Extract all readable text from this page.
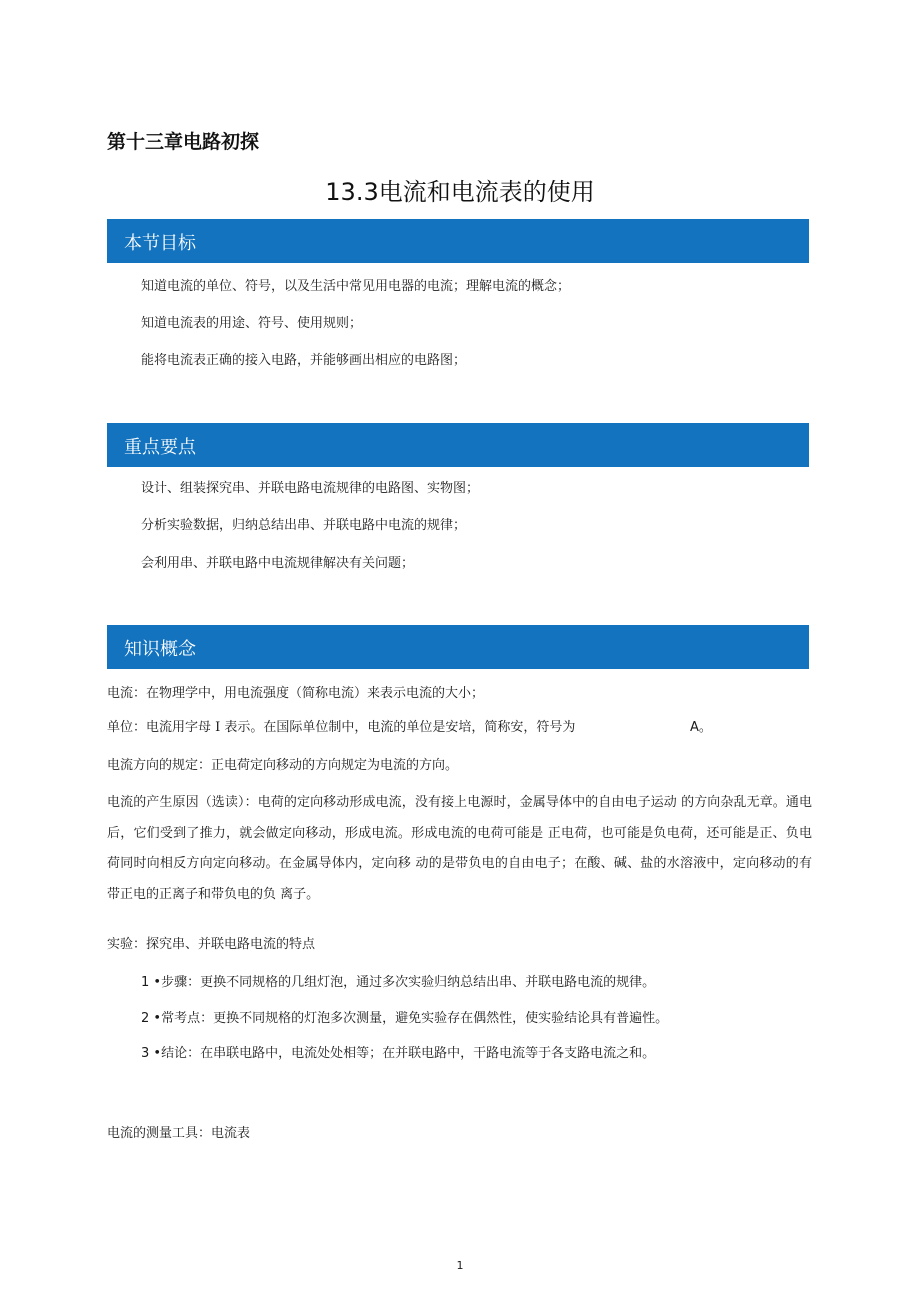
第十三章电路初探
13.3电流和电流表的使用
本节目标
知道电流的单位、符号，以及生活中常见用电器的电流；理解电流的概念；
知道电流表的用途、符号、使用规则；
能将电流表正确的接入电路，并能够画出相应的电路图；
重点要点
设计、组装探究串、并联电路电流规律的电路图、实物图；
分析实验数据，归纳总结出串、并联电路中电流的规律；
会利用串、并联电路中电流规律解决有关问题；
知识概念
电流：在物理学中，用电流强度（简称电流）来表示电流的大小；
单位：电流用字母 I 表示。在国际单位制中，电流的单位是安培，简称安，符号为	A。
电流方向的规定：正电荷定向移动的方向规定为电流的方向。
电流的产生原因（选读）：电荷的定向移动形成电流，没有接上电源时，金属导体中的自由电子运动 的方向杂乱无章。通电后，它们受到了推力，就会做定向移动，形成电流。形成电流的电荷可能是 正电荷，也可能是负电荷，还可能是正、负电荷同时向相反方向定向移动。在金属导体内，定向移 动的是带负电的自由电子；在酸、碱、盐的水溶液中，定向移动的有带正电的正离子和带负电的负 离子。
实验：探究串、并联电路电流的特点
1 •步骤：更换不同规格的几组灯泡，通过多次实验归纳总结出串、并联电路电流的规律。
2 •常考点：更换不同规格的灯泡多次测量，避免实验存在偶然性，使实验结论具有普遍性。
3 •结论：在串联电路中，电流处处相等；在并联电路中，干路电流等于各支路电流之和。
电流的测量工具：电流表
1
